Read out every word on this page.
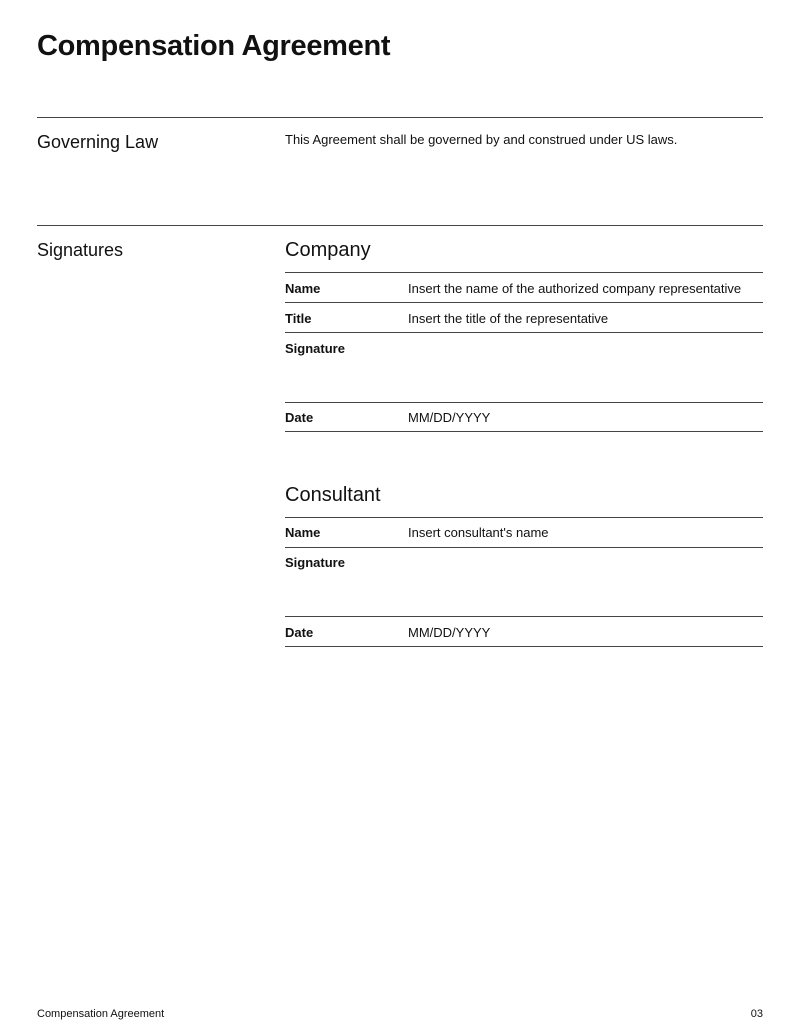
Compensation Agreement
Governing Law	This Agreement shall be governed by and construed under US laws.
Signatures	Company
Name	Insert the name of the authorized company representative
Title	Insert the title of the representative
Signature
Date	MM/DD/YYYY
Consultant
Name	Insert consultant's name
Signature
Date	MM/DD/YYYY
Compensation Agreement	03
